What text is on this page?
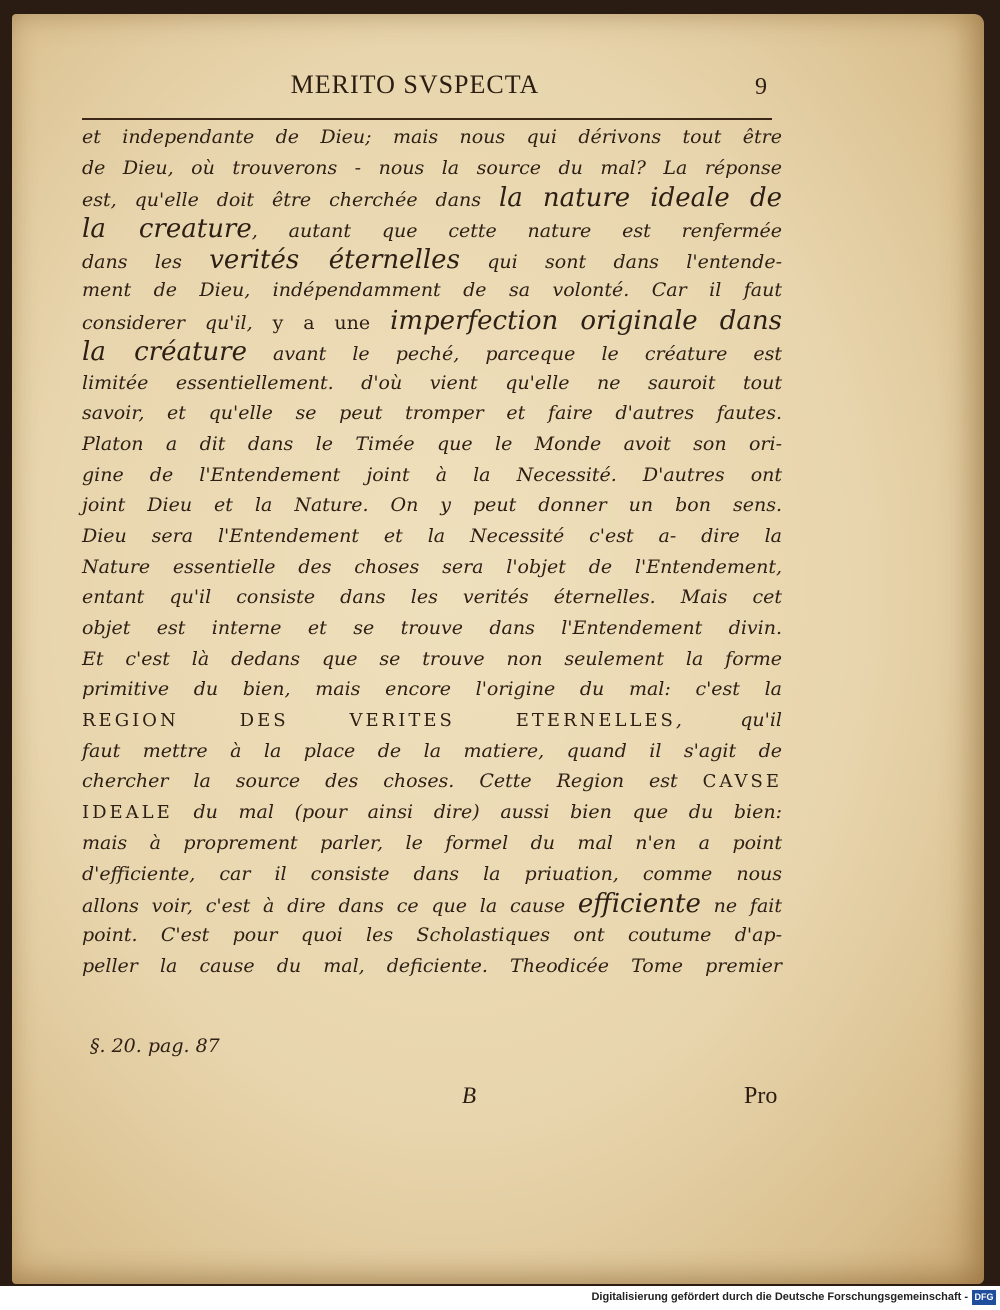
MERITO SVSPECTA	9
et independante de Dieu; mais nous qui dérivons tout être
de Dieu, où trouverons - nous la source du mal? La réponse
est, qu'elle doit être cherchée dans la nature ideale de
la creature, autant que cette nature est renfermée
dans les verités éternelles qui sont dans l'entende-
ment de Dieu, indépendamment de sa volonté. Car il faut
considerer qu'il, y a une imperfection originale dans
la créature avant le peché, parceque le créature est
limitée essentiellement. d'où vient qu'elle ne sauroit tout
savoir, et qu'elle se peut tromper et faire d'autres fautes.
Platon a dit dans le Timée que le Monde avoit son ori-
gine de l'Entendement joint à la Necessité. D'autres ont
joint Dieu et la Nature. On y peut donner un bon sens.
Dieu sera l'Entendement et la Necessité c'est a- dire la
Nature essentielle des choses sera l'objet de l'Entendement,
entant qu'il consiste dans les verités éternelles. Mais cet
objet est interne et se trouve dans l'Entendement divin.
Et c'est là dedans que se trouve non seulement la forme
primitive du bien, mais encore l'origine du mal: c'est la
REGION DES VERITES ETERNELLES, qu'il
faut mettre à la place de la matiere, quand il s'agit de
chercher la source des choses. Cette Region est CAVSE
IDEALE du mal (pour ainsi dire) aussi bien que du bien:
mais à proprement parler, le formel du mal n'en a point
d'efficiente, car il consiste dans la priuation, comme nous
allons voir, c'est à dire dans ce que la cause efficiente ne fait
point. C'est pour quoi les Scholastiques ont coutume d'ap-
peller la cause du mal, deficiente. Theodicée Tome premier
§. 20. pag. 87
B	Pro
Digitalisierung gefördert durch die Deutsche Forschungsgemeinschaft - DFG
